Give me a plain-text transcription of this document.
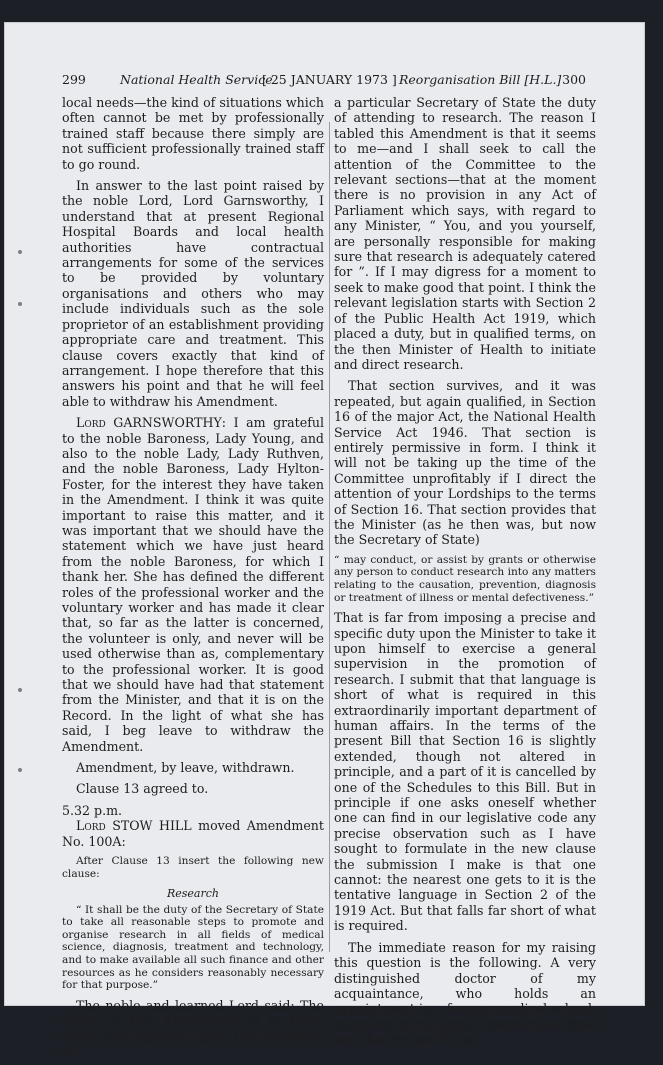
299	National Health Service
[ 25 JANUARY 1973 ] Reorganisation Bill [H.L.] 300

local needs—the kind of situations which often cannot be met by professionally trained staff because there simply are not sufficient professionally trained staff to go round.

In answer to the last point raised by the noble Lord, Lord Garnsworthy, I understand that at present Regional Hospital Boards and local health authorities have contractual arrangements for some of the services to be provided by voluntary organisations and others who may include individuals such as the sole proprietor of an establishment providing appropriate care and treatment. This clause covers exactly that kind of arrangement. I hope therefore that this answers his point and that he will feel able to withdraw his Amendment.

Lord GARNSWORTHY: I am grateful to the noble Baroness, Lady Young, and also to the noble Lady, Lady Ruthven, and the noble Baroness, Lady Hylton-Foster, for the interest they have taken in the Amendment. I think it was quite important to raise this matter, and it was important that we should have the statement which we have just heard from the noble Baroness, for which I thank her. She has defined the different roles of the professional worker and the voluntary worker and has made it clear that, so far as the latter is concerned, the volunteer is only, and never will be used otherwise than as, complementary to the professional worker. It is good that we should have had that statement from the Minister, and that it is on the Record. In the light of what she has said, I beg leave to withdraw the Amendment.

Amendment, by leave, withdrawn.

Clause 13 agreed to.

5.32 p.m.

Lord STOW HILL moved Amendment No. 100A:

After Clause 13 insert the following new clause:

Research

“ It shall be the duty of the Secretary of State to take all reasonable steps to promote and organise research in all fields of medical science, diagnosis, treatment and technology, and to make available all such finance and other resources as he considers reasonably necessary for that purpose.”

The noble and learned Lord said: The object of this Amendment is to place fairly and squarely upon the shoulders of

a particular Secretary of State the duty of attending to research. The reason I tabled this Amendment is that it seems to me—and I shall seek to call the attention of the Committee to the relevant sections—that at the moment there is no provision in any Act of Parliament which says, with regard to any Minister, “ You, and you yourself, are personally responsible for making sure that research is adequately catered for ”. If I may digress for a moment to seek to make good that point. I think the relevant legislation starts with Section 2 of the Public Health Act 1919, which placed a duty, but in qualified terms, on the then Minister of Health to initiate and direct research.

That section survives, and it was repeated, but again qualified, in Section 16 of the major Act, the National Health Service Act 1946. That section is entirely permissive in form. I think it will not be taking up the time of the Committee unprofitably if I direct the attention of your Lordships to the terms of Section 16. That section provides that the Minister (as he then was, but now the Secretary of State)

“ may conduct, or assist by grants or otherwise any person to conduct research into any matters relating to the causation, prevention, diagnosis or treatment of illness or mental defectiveness.”

That is far from imposing a precise and specific duty upon the Minister to take it upon himself to exercise a general supervision in the promotion of research. I submit that that language is short of what is required in this extraordinarily important department of human affairs. In the terms of the present Bill that Section 16 is slightly extended, though not altered in principle, and a part of it is cancelled by one of the Schedules to this Bill. But in principle if one asks oneself whether one can find in our legislative code any precise observation such as I have sought to formulate in the new clause the submission I make is that one cannot: the nearest one gets to it is the tentative language in Section 2 of the 1919 Act. But that falls far short of what is required.

The immediate reason for my raising this question is the following. A very distinguished doctor of my acquaintance, who holds an appointment in a famous medical school, intimated to me some considerable time ago that he would like
